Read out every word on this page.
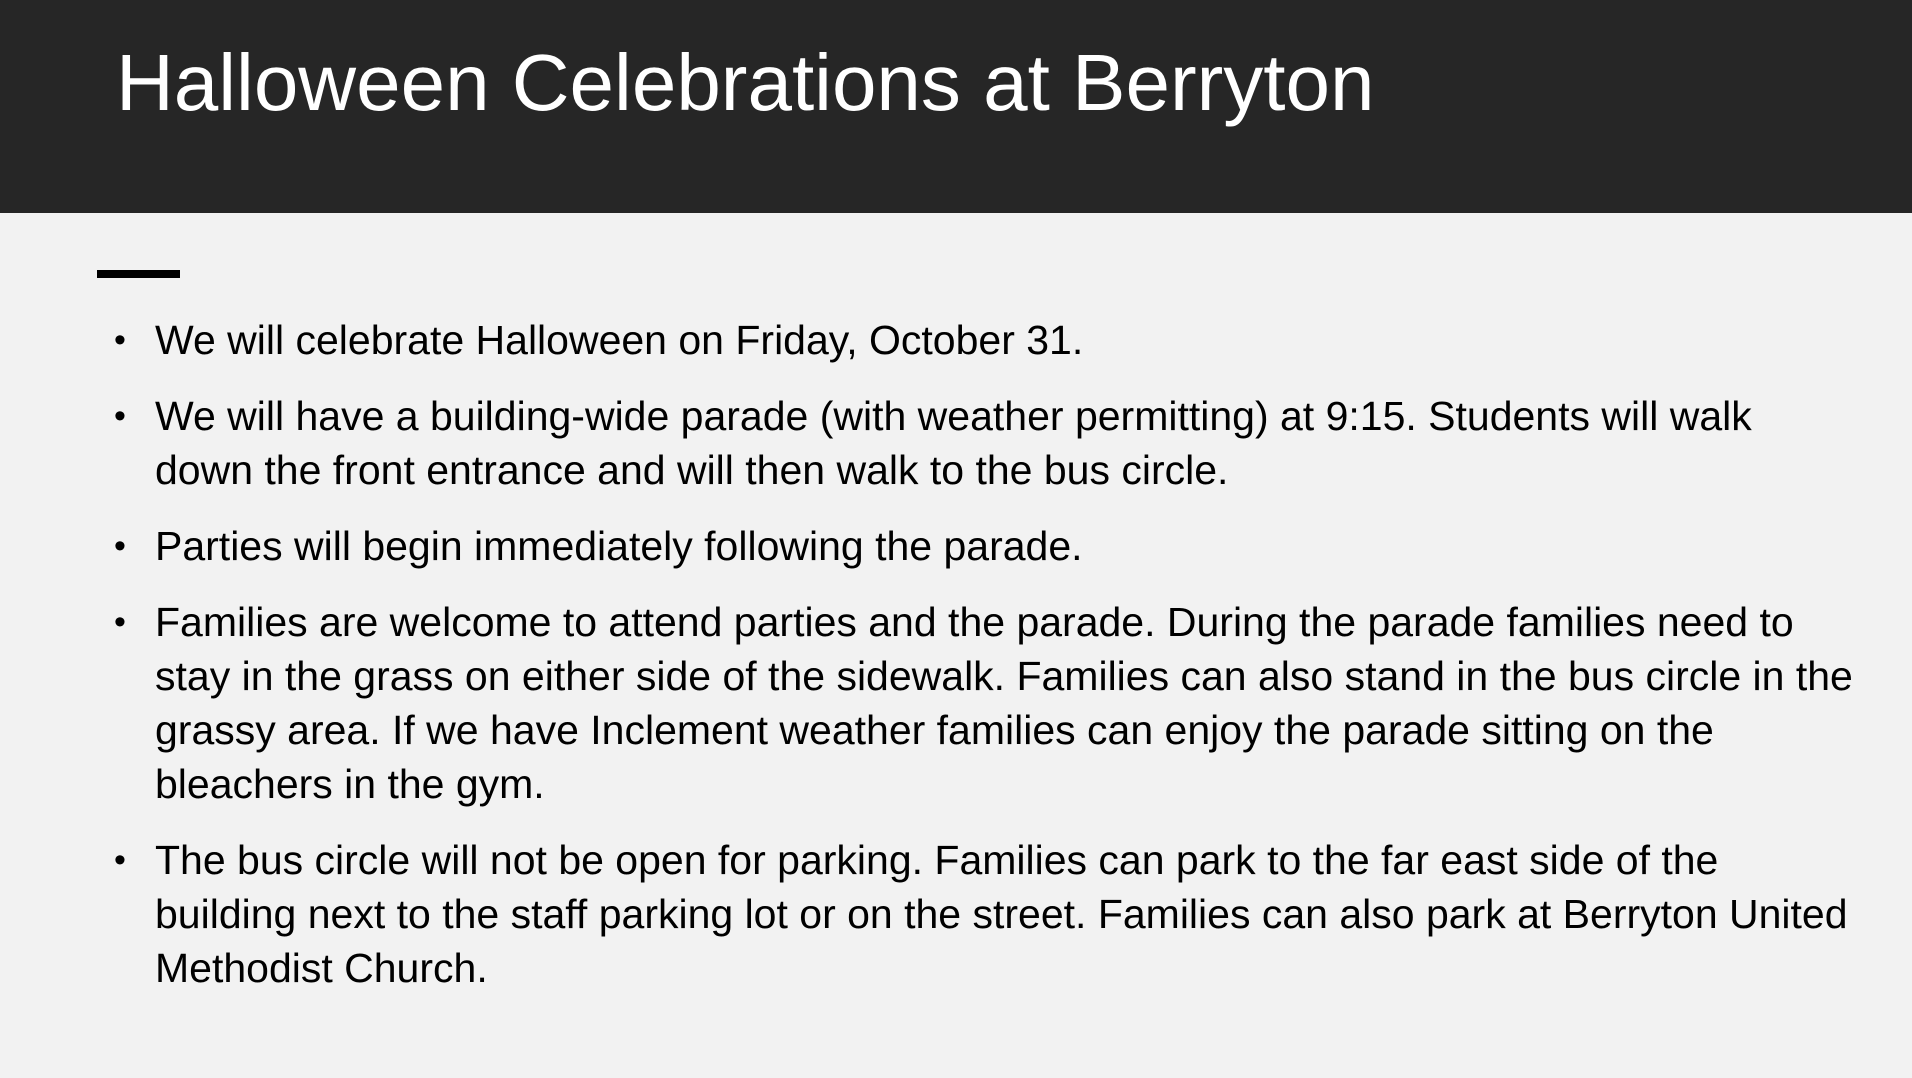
Halloween Celebrations at Berryton
• We will celebrate Halloween on Friday, October 31.
• We will have a building-wide parade (with weather permitting) at 9:15. Students will walk down the front entrance and will then walk to the bus circle.
• Parties will begin immediately following the parade.
• Families are welcome to attend parties and the parade. During the parade families need to stay in the grass on either side of the sidewalk. Families can also stand in the bus circle in the grassy area. If we have Inclement weather families can enjoy the parade sitting on the bleachers in the gym.
• The bus circle will not be open for parking. Families can park to the far east side of the building next to the staff parking lot or on the street. Families can also park at Berryton United Methodist Church.
